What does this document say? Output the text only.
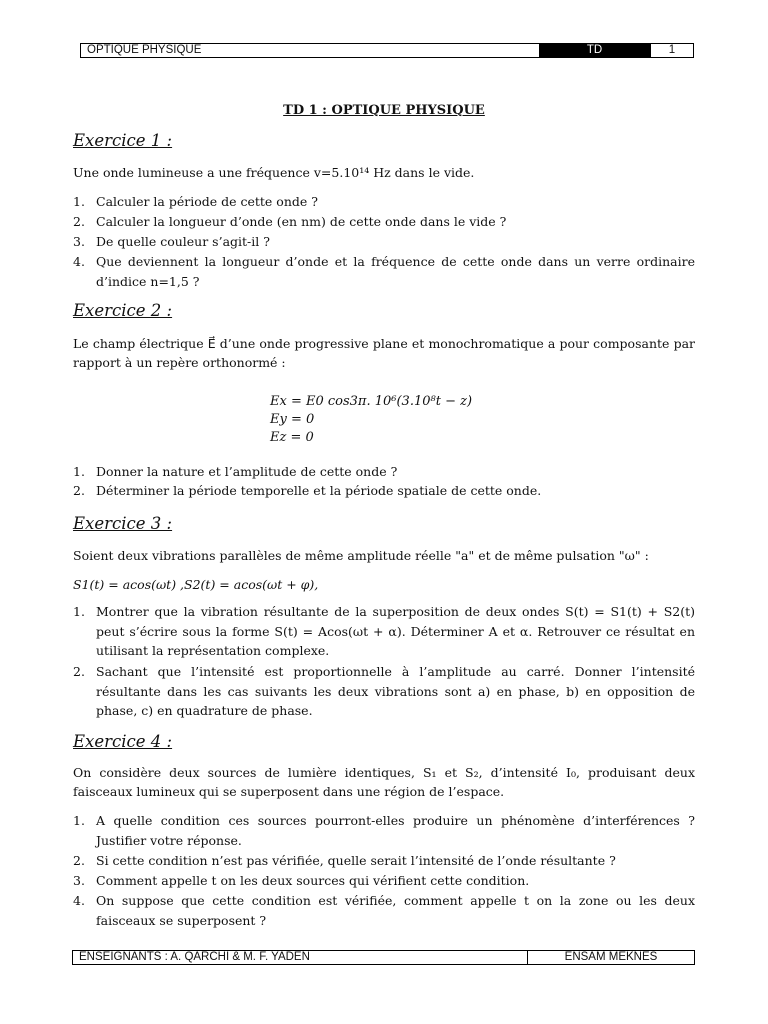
OPTIQUE PHYSIQUE	TD	1
TD 1 : OPTIQUE PHYSIQUE
Exercice 1 :
Une onde lumineuse a une fréquence v=5.10¹⁴ Hz dans le vide.
1. Calculer la période de cette onde ?
2. Calculer la longueur d’onde (en nm) de cette onde dans le vide ?
3. De quelle couleur s’agit-il ?
4. Que deviennent la longueur d’onde et la fréquence de cette onde dans un verre ordinaire d’indice n=1,5 ?
Exercice 2 :
Le champ électrique E⃗ d’une onde progressive plane et monochromatique a pour composante par rapport à un repère orthonormé :
Ex = E0 cos3π. 10⁶(3.10⁸t − z)
Ey = 0
Ez = 0
1. Donner la nature et l’amplitude de cette onde ?
2. Déterminer la période temporelle et la période spatiale de cette onde.
Exercice 3 :
Soient deux vibrations parallèles de même amplitude réelle "a" et de même pulsation "ω" :
S1(t) = acos(ωt) ,S2(t) = acos(ωt + φ),
1. Montrer que la vibration résultante de la superposition de deux ondes S(t) = S1(t) + S2(t) peut s’écrire sous la forme S(t) = Acos(ωt + α). Déterminer A et α. Retrouver ce résultat en utilisant la représentation complexe.
2. Sachant que l’intensité est proportionnelle à l’amplitude au carré. Donner l’intensité résultante dans les cas suivants les deux vibrations sont a) en phase, b) en opposition de phase, c) en quadrature de phase.
Exercice 4 :
On considère deux sources de lumière identiques, S₁ et S₂, d’intensité I₀, produisant deux faisceaux lumineux qui se superposent dans une région de l’espace.
1. A quelle condition ces sources pourront-elles produire un phénomène d’interférences ? Justifier votre réponse.
2. Si cette condition n’est pas vérifiée, quelle serait l’intensité de l’onde résultante ?
3. Comment appelle t on les deux sources qui vérifient cette condition.
4. On suppose que cette condition est vérifiée, comment appelle t on la zone ou les deux faisceaux se superposent ?
ENSEIGNANTS : A. QARCHI & M. F. YADEN	ENSAM MEKNES
